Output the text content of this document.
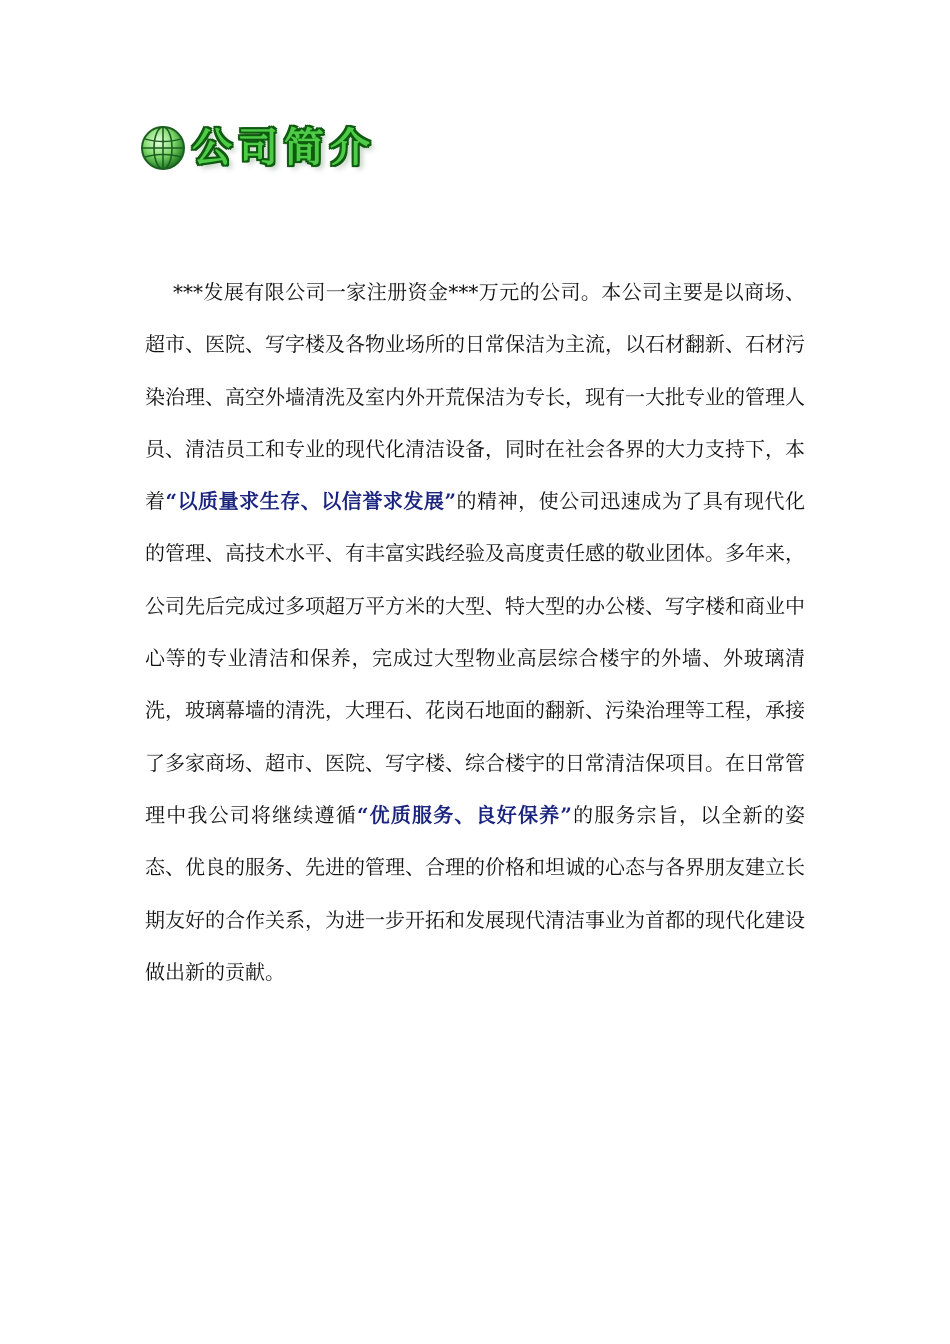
公司简介

***发展有限公司一家注册资金***万元的公司。本公司主要是以商场、超市、医院、写字楼及各物业场所的日常保洁为主流，以石材翻新、石材污染治理、高空外墙清洗及室内外开荒保洁为专长，现有一大批专业的管理人员、清洁员工和专业的现代化清洁设备，同时在社会各界的大力支持下，本着“以质量求生存、以信誉求发展”的精神，使公司迅速成为了具有现代化的管理、高技术水平、有丰富实践经验及高度责任感的敬业团体。多年来，公司先后完成过多项超万平方米的大型、特大型的办公楼、写字楼和商业中心等的专业清洁和保养，完成过大型物业高层综合楼宇的外墙、外玻璃清洗，玻璃幕墙的清洗，大理石、花岗石地面的翻新、污染治理等工程，承接了多家商场、超市、医院、写字楼、综合楼宇的日常清洁保项目。在日常管理中我公司将继续遵循“优质服务、良好保养”的服务宗旨，以全新的姿态、优良的服务、先进的管理、合理的价格和坦诚的心态与各界朋友建立长期友好的合作关系，为进一步开拓和发展现代清洁事业为首都的现代化建设做出新的贡献。
